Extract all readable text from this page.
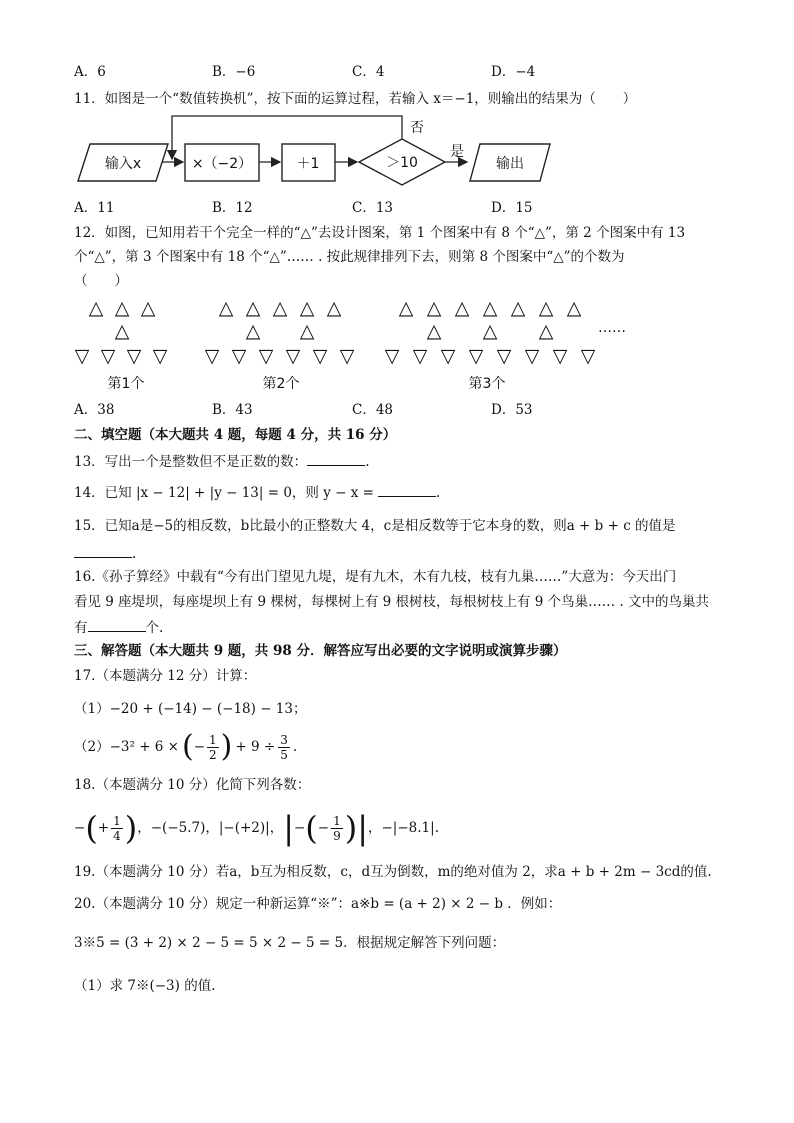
A．6	B．−6	C．4	D．−4
11．如图是一个“数值转换机”，按下面的运算过程，若输入 x＝−1，则输出的结果为（　　）
输入x	×（−2）	＋1	＞10
是
输出
否
A．11	B．12	C．13	D．15
12．如图，已知用若干个完全一样的“△”去设计图案，第 1 个图案中有 8 个“△”，第 2 个图案中有 13
个“△”，第 3 个图案中有 18 个“△”…… . 按此规律排列下去，则第 8 个图案中“△”的个数为
（　　）
△ △ △
△
▽ ▽ ▽ ▽
第1个
△ △ △ △ △
△ △
▽ ▽ ▽ ▽ ▽ ▽
第2个
△ △ △ △ △ △ △
△ △ △
▽ ▽ ▽ ▽ ▽ ▽ ▽ ▽
第3个
……
A．38	B．43	C．48	D．53
二、填空题（本大题共 4 题，每题 4 分，共 16 分）
13．写出一个是整数但不是正数的数：	.
14．已知 |x − 12| + |y − 13| = 0，则 y − x =	.
15．已知a是−5的相反数，b比最小的正整数大 4，c是相反数等于它本身的数，则a + b + c 的值是
.
16.《孙子算经》中载有“今有出门望见九堤，堤有九木，木有九枝，枝有九巢……”大意为：今天出门
看见 9 座堤坝，每座堤坝上有 9 棵树，每棵树上有 9 根树枝，每根树枝上有 9 个鸟巢…… . 文中的鸟巢共
有	个.
三、解答题（本大题共 9 题，共 98 分．解答应写出必要的文字说明或演算步骤）
17.（本题满分 12 分）计算：
（1）−20 + (−14) − (−18) − 13；
（2）−3² + 6 × ( − $\frac{1}{2}$ ) + $9 \div \frac{3}{5}$ .
18.（本题满分 10 分）化简下列各数：
− ( + $\frac{1}{4}$ ) ，−(−5.7)，|−(+2)|， | − ( − $\frac{1}{9}$ )| ，−|−8.1|.
19.（本题满分 10 分）若a，b互为相反数，c，d互为倒数，m的绝对值为 2，求a + b + 2m − 3cd的值.
20.（本题满分 10 分）规定一种新运算“※”：a※b = (a + 2) × 2 − b ．例如：
3※5 = (3 + 2) × 2 − 5 = 5 × 2 − 5 = 5．根据规定解答下列问题：
（1）求 7※(−3) 的值.
